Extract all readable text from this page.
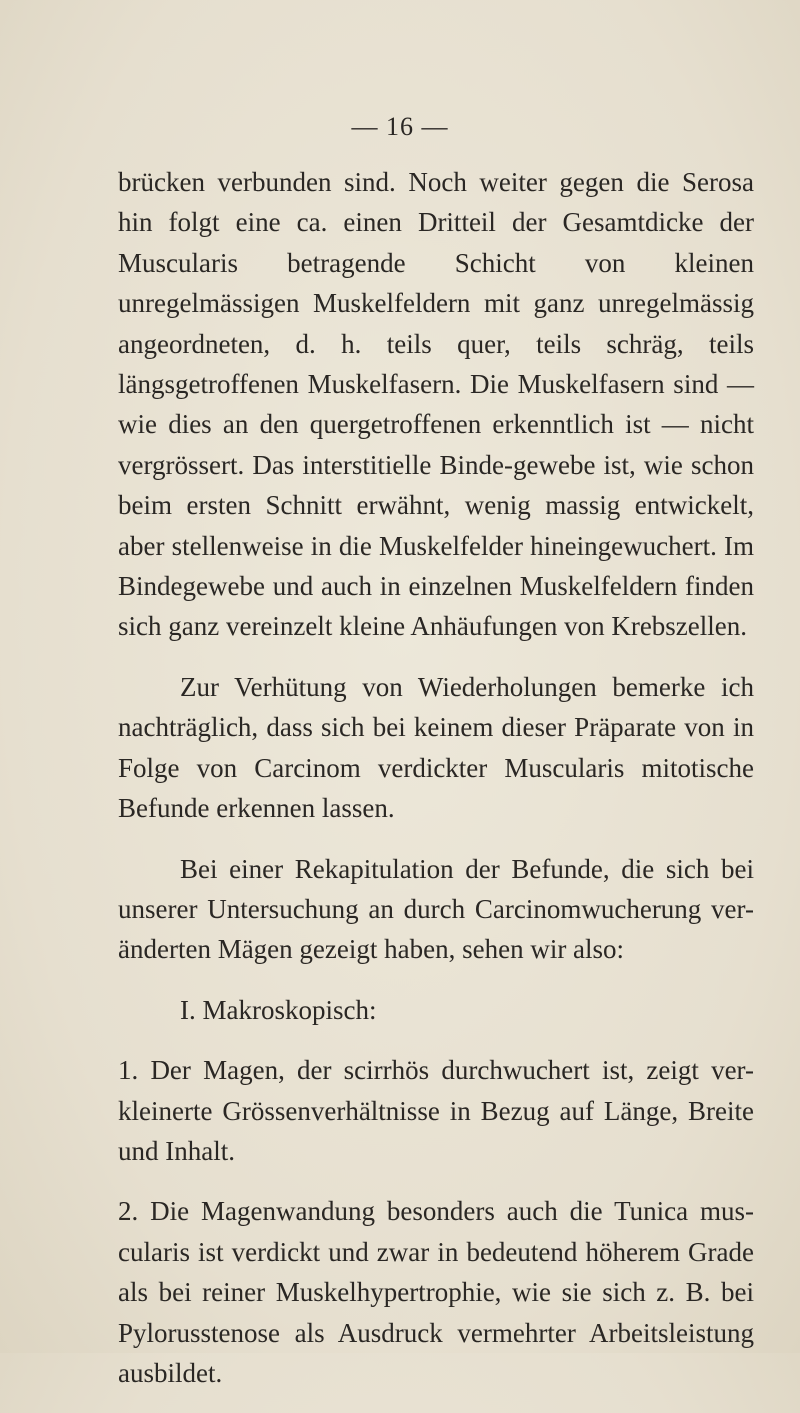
— 16 —

brücken verbunden sind. Noch weiter gegen die Serosa hin folgt eine ca. einen Dritteil der Gesamtdicke der Muscularis betragende Schicht von kleinen unregelmässigen Muskelfeldern mit ganz unregelmässig angeordneten, d. h. teils quer, teils schräg, teils längsgetroffenen Muskelfasern. Die Muskelfasern sind — wie dies an den quergetroffenen erkenntlich ist — nicht vergrössert. Das interstitielle Binde-gewebe ist, wie schon beim ersten Schnitt erwähnt, wenig massig entwickelt, aber stellenweise in die Muskelfelder hineingewuchert. Im Bindegewebe und auch in einzelnen Muskelfeldern finden sich ganz vereinzelt kleine Anhäufungen von Krebszellen.

Zur Verhütung von Wiederholungen bemerke ich nachträglich, dass sich bei keinem dieser Präparate von in Folge von Carcinom verdickter Muscularis mitotische Befunde erkennen lassen.

Bei einer Rekapitulation der Befunde, die sich bei unserer Untersuchung an durch Carcinomwucherung ver-änderten Mägen gezeigt haben, sehen wir also:

I. Makroskopisch:

1. Der Magen, der scirrhös durchwuchert ist, zeigt ver-kleinerte Grössenverhältnisse in Bezug auf Länge, Breite und Inhalt.

2. Die Magenwandung besonders auch die Tunica mus-cularis ist verdickt und zwar in bedeutend höherem Grade als bei reiner Muskelhypertrophie, wie sie sich z. B. bei Pylorusstenose als Ausdruck vermehrter Arbeitsleistung ausbildet.
